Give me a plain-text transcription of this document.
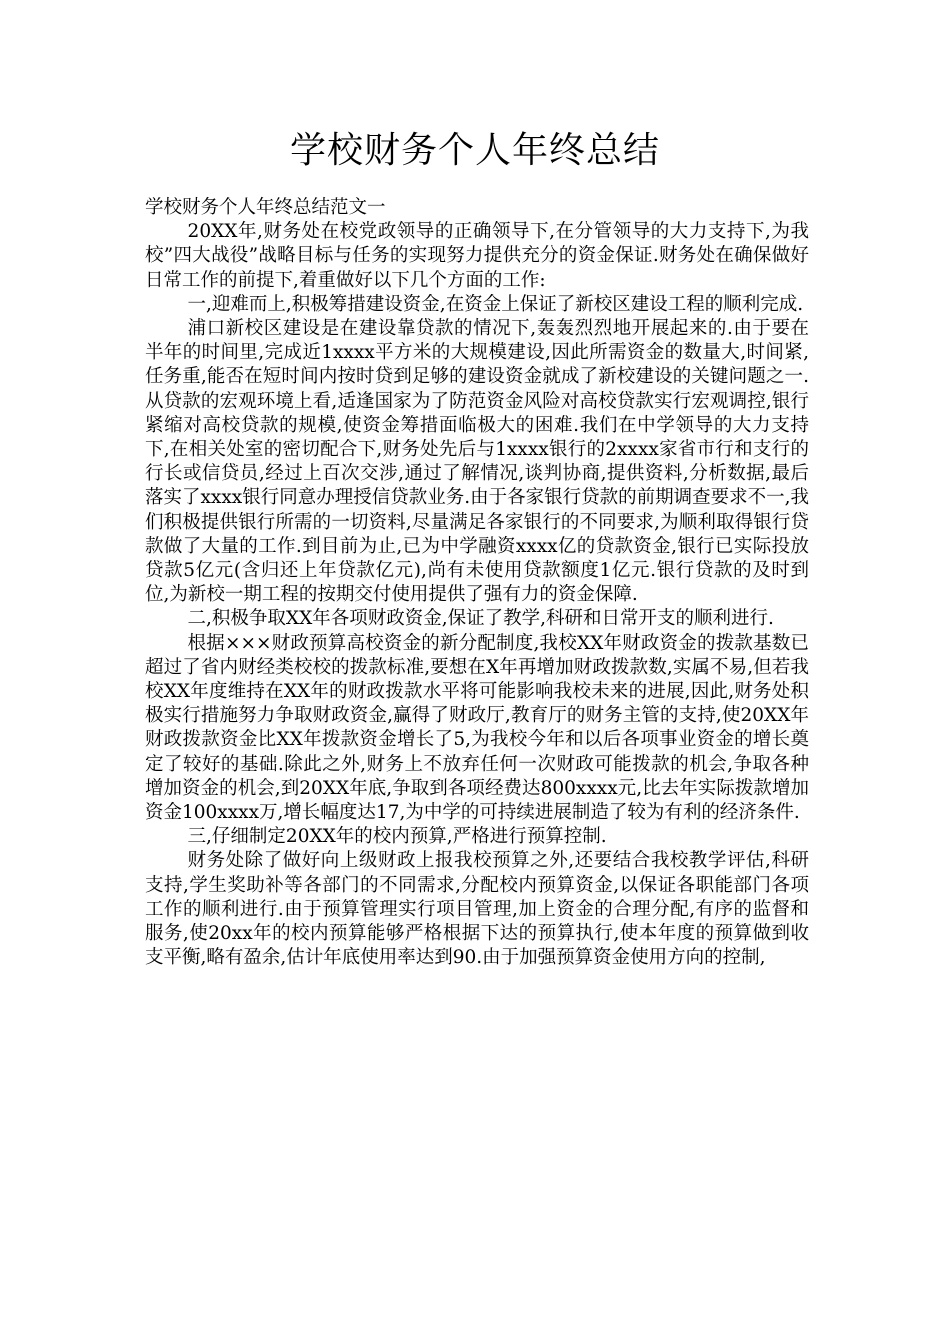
学校财务个人年终总结

学校财务个人年终总结范文一

20XX年,财务处在校党政领导的正确领导下,在分管领导的大力支持下,为我校”四大战役”战略目标与任务的实现努力提供充分的资金保证.财务处在确保做好日常工作的前提下,着重做好以下几个方面的工作:

一,迎难而上,积极筹措建设资金,在资金上保证了新校区建设工程的顺利完成.

浦口新校区建设是在建设靠贷款的情况下,轰轰烈烈地开展起来的.由于要在半年的时间里,完成近1xxxx平方米的大规模建设,因此所需资金的数量大,时间紧,任务重,能否在短时间内按时贷到足够的建设资金就成了新校建设的关键问题之一.从贷款的宏观环境上看,适逢国家为了防范资金风险对高校贷款实行宏观调控,银行紧缩对高校贷款的规模,使资金筹措面临极大的困难.我们在中学领导的大力支持下,在相关处室的密切配合下,财务处先后与1xxxx银行的2xxxx家省市行和支行的行长或信贷员,经过上百次交涉,通过了解情况,谈判协商,提供资料,分析数据,最后落实了xxxx银行同意办理授信贷款业务.由于各家银行贷款的前期调查要求不一,我们积极提供银行所需的一切资料,尽量满足各家银行的不同要求,为顺利取得银行贷款做了大量的工作.到目前为止,已为中学融资xxxx亿的贷款资金,银行已实际投放贷款5亿元(含归还上年贷款亿元),尚有未使用贷款额度1亿元.银行贷款的及时到位,为新校一期工程的按期交付使用提供了强有力的资金保障.

二,积极争取XX年各项财政资金,保证了教学,科研和日常开支的顺利进行.

根据×××财政预算高校资金的新分配制度,我校XX年财政资金的拨款基数已超过了省内财经类校校的拨款标准,要想在X年再增加财政拨款数,实属不易,但若我校XX年度维持在XX年的财政拨款水平将可能影响我校未来的进展,因此,财务处积极实行措施努力争取财政资金,赢得了财政厅,教育厅的财务主管的支持,使20XX年财政拨款资金比XX年拨款资金增长了5,为我校今年和以后各项事业资金的增长奠定了较好的基础.除此之外,财务上不放弃任何一次财政可能拨款的机会,争取各种增加资金的机会,到20XX年底,争取到各项经费达800xxxx元,比去年实际拨款增加资金100xxxx万,增长幅度达17,为中学的可持续进展制造了较为有利的经济条件.

三,仔细制定20XX年的校内预算,严格进行预算控制.

财务处除了做好向上级财政上报我校预算之外,还要结合我校教学评估,科研支持,学生奖助补等各部门的不同需求,分配校内预算资金,以保证各职能部门各项工作的顺利进行.由于预算管理实行项目管理,加上资金的合理分配,有序的监督和服务,使20xx年的校内预算能够严格根据下达的预算执行,使本年度的预算做到收支平衡,略有盈余,估计年底使用率达到90.由于加强预算资金使用方向的控制,
